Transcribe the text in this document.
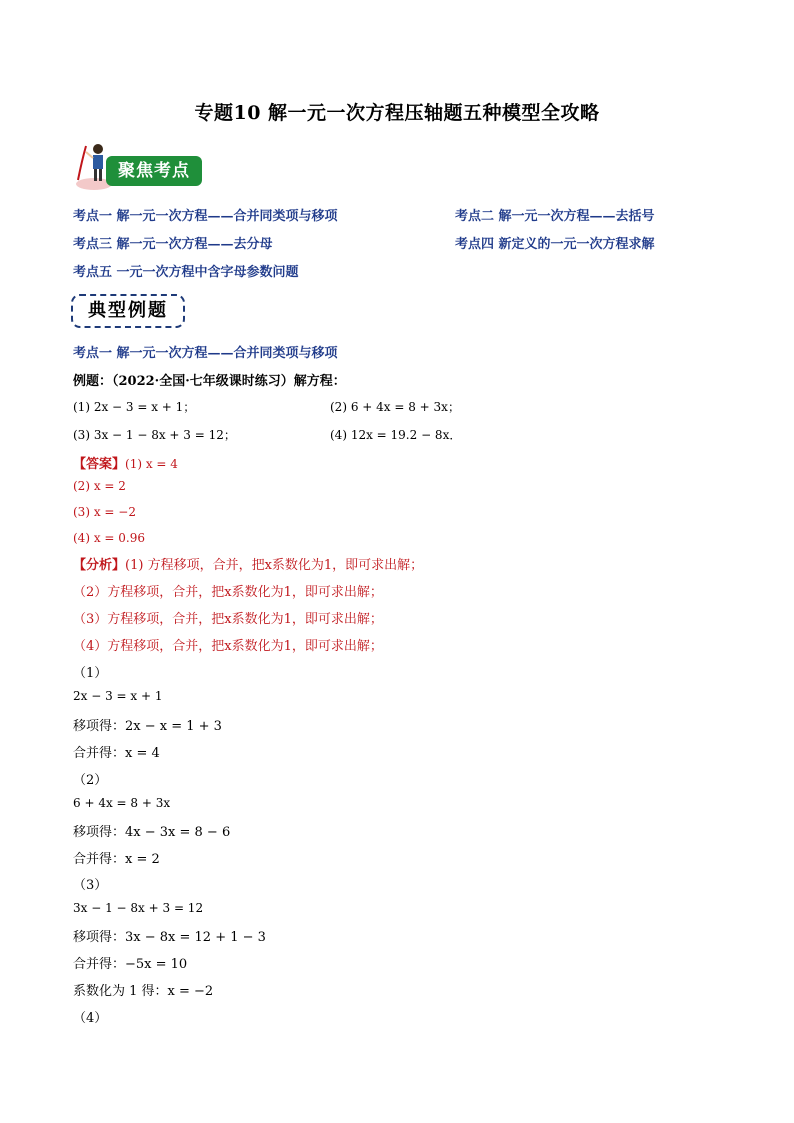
专题10 解一元一次方程压轴题五种模型全攻略
聚焦考点
考点一 解一元一次方程——合并同类项与移项	考点二 解一元一次方程——去括号
考点三 解一元一次方程——去分母	考点四 新定义的一元一次方程求解
考点五 一元一次方程中含字母参数问题
典型例题
考点一 解一元一次方程——合并同类项与移项
例题：（2022·全国·七年级课时练习）解方程：
(1) 2x − 3 = x + 1；	(2) 6 + 4x = 8 + 3x；
(3) 3x − 1 − 8x + 3 = 12；	(4) 12x = 19.2 − 8x．
【答案】(1) x = 4
(2) x = 2
(3) x = −2
(4) x = 0.96
【分析】(1) 方程移项，合并，把x系数化为1，即可求出解；
（2）方程移项，合并，把x系数化为1，即可求出解；
（3）方程移项，合并，把x系数化为1，即可求出解；
（4）方程移项，合并，把x系数化为1，即可求出解；
（1）
2x − 3 = x + 1
移项得：2x − x = 1 + 3
合并得：x = 4
（2）
6 + 4x = 8 + 3x
移项得：4x − 3x = 8 − 6
合并得：x = 2
（3）
3x − 1 − 8x + 3 = 12
移项得：3x − 8x = 12 + 1 − 3
合并得：−5x = 10
系数化为 1 得：x = −2
（4）
